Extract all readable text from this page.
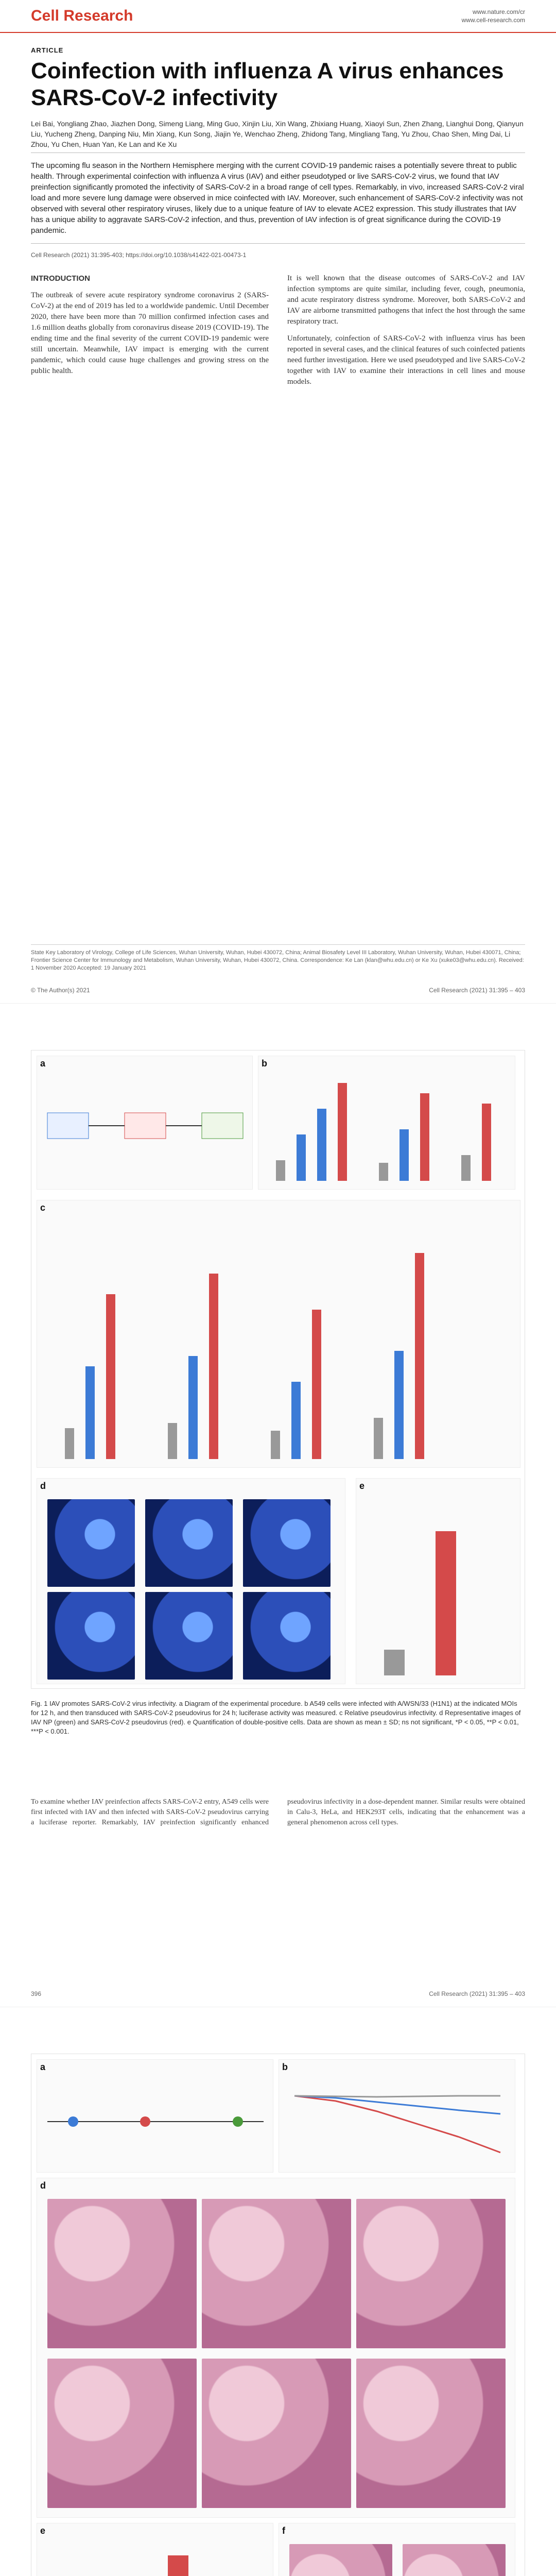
Cell Research	www.nature.com/cr
www.cell-research.com
ARTICLE
Coinfection with influenza A virus enhances SARS-CoV-2 infectivity
Lei Bai, Yongliang Zhao, Jiazhen Dong, Simeng Liang, Ming Guo, Xinjin Liu, Xin Wang, Zhixiang Huang, Xiaoyi Sun, Zhen Zhang, Lianghui Dong, Qianyun Liu, Yucheng Zheng, Danping Niu, Min Xiang, Kun Song, Jiajin Ye, Wenchao Zheng, Zhidong Tang, Mingliang Tang, Yu Zhou, Chao Shen, Ming Dai, Li Zhou, Yu Chen, Huan Yan, Ke Lan and Ke Xu
The upcoming flu season in the Northern Hemisphere merging with the current COVID-19 pandemic raises a potentially severe threat to public health. Through experimental coinfection with influenza A virus (IAV) and either pseudotyped or live SARS-CoV-2 virus, we found that IAV preinfection significantly promoted the infectivity of SARS-CoV-2 in a broad range of cell types. Remarkably, in vivo, increased SARS-CoV-2 viral load and more severe lung damage were observed in mice coinfected with IAV. Moreover, such enhancement of SARS-CoV-2 infectivity was not observed with several other respiratory viruses, likely due to a unique feature of IAV to elevate ACE2 expression. This study illustrates that IAV has a unique ability to aggravate SARS-CoV-2 infection, and thus, prevention of IAV infection is of great significance during the COVID-19 pandemic.
Cell Research (2021) 31:395-403; https://doi.org/10.1038/s41422-021-00473-1

INTRODUCTION

The outbreak of severe acute respiratory syndrome coronavirus 2 (SARS-CoV-2) at the end of 2019 has led to a worldwide pandemic. Until December 2020, there have been more than 70 million confirmed infection cases and 1.6 million deaths globally from coronavirus disease 2019 (COVID-19). The ending time and the final severity of the current COVID-19 pandemic were still uncertain. Meanwhile, IAV impact is emerging with the current pandemic, which could cause huge challenges and growing stress on the public health.

It is well known that the disease outcomes of SARS-CoV-2 and IAV infection symptoms are quite similar, including fever, cough, pneumonia, and acute respiratory distress syndrome. Moreover, both SARS-CoV-2 and IAV are airborne transmitted pathogens that infect the host through the same respiratory tract.

Unfortunately, coinfection of SARS-CoV-2 with influenza virus has been reported in several cases, and the clinical features of such coinfected patients need further investigation. Here we used pseudotyped and live SARS-CoV-2 together with IAV to examine their interactions in cell lines and mouse models.

State Key Laboratory of Virology, College of Life Sciences, Wuhan University, Wuhan, Hubei 430072, China; Animal Biosafety Level III Laboratory, Wuhan University, Wuhan, Hubei 430071, China; Frontier Science Center for Immunology and Metabolism, Wuhan University, Wuhan, Hubei 430072, China. Correspondence: Ke Lan (klan@whu.edu.cn) or Ke Xu (xuke03@whu.edu.cn). Received: 1 November 2020 Accepted: 19 January 2021
© The Author(s) 2021	Cell Research (2021) 31:395 – 403
a	b
c
d	e
Fig. 1 IAV promotes SARS-CoV-2 virus infectivity. a Diagram of the experimental procedure. b A549 cells were infected with A/WSN/33 (H1N1) at the indicated MOIs for 12 h, and then transduced with SARS-CoV-2 pseudovirus for 24 h; luciferase activity was measured. c Relative pseudovirus infectivity. d Representative images of IAV NP (green) and SARS-CoV-2 pseudovirus (red). e Quantification of double-positive cells. Data are shown as mean ± SD; ns not significant, *P < 0.05, **P < 0.01, ***P < 0.001.
To examine whether IAV preinfection affects SARS-CoV-2 entry, A549 cells were first infected with IAV and then infected with SARS-CoV-2 pseudovirus carrying a luciferase reporter. Remarkably, IAV preinfection significantly enhanced pseudovirus infectivity in a dose-dependent manner. Similar results were obtained in Calu-3, HeLa, and HEK293T cells, indicating that the enhancement was a general phenomenon across cell types.
396	Cell Research (2021) 31:395 – 403
a	b
d
e	f
